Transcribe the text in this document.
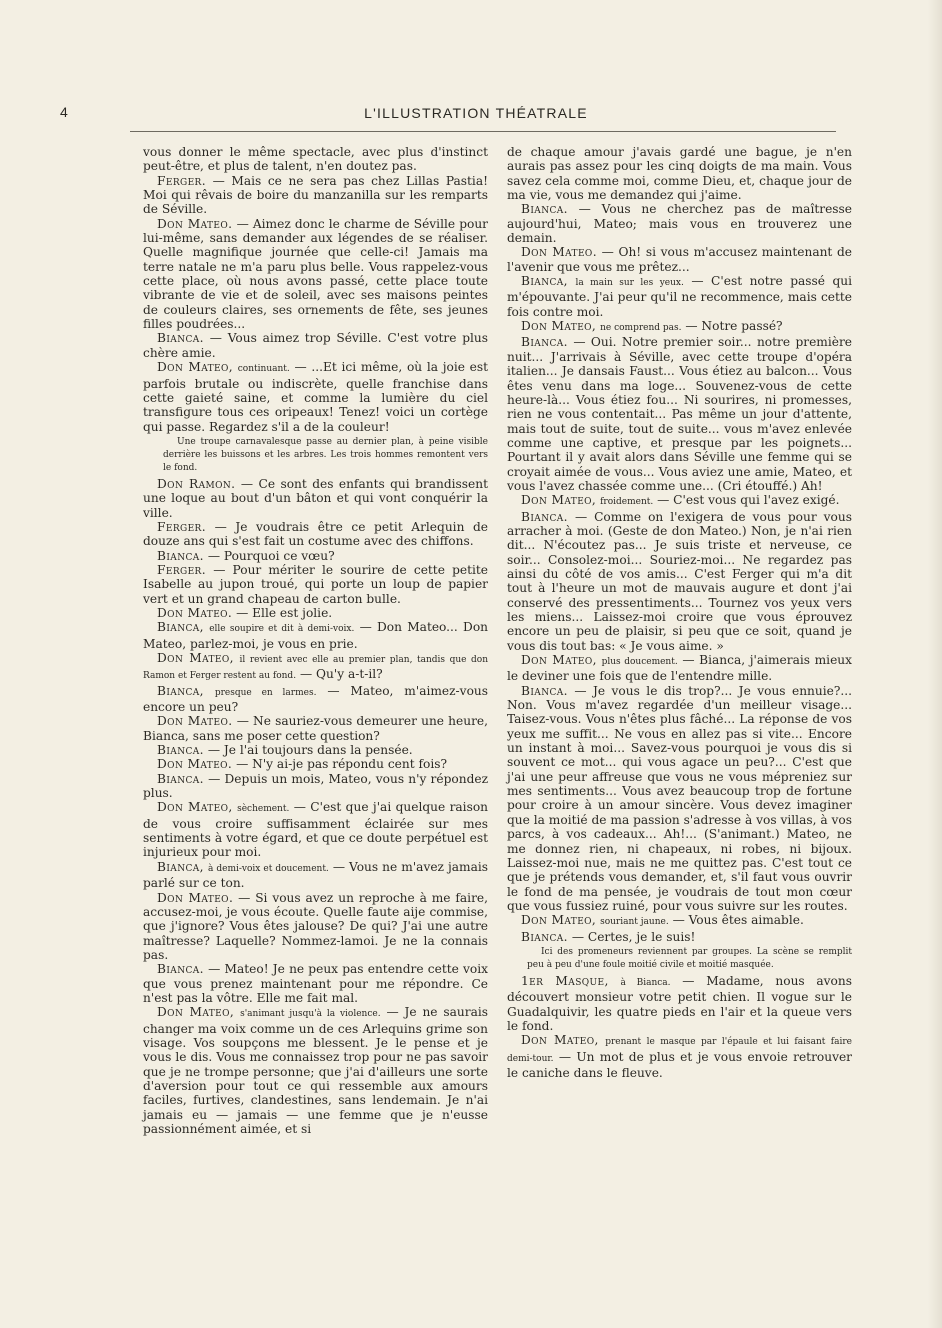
4	L'ILLUSTRATION THÉATRALE

vous donner le même spectacle, avec plus d'instinct peut-être, et plus de talent, n'en doutez pas.

Ferger. — Mais ce ne sera pas chez Lillas Pastia! Moi qui rêvais de boire du manzanilla sur les remparts de Séville.

Don Mateo. — Aimez donc le charme de Séville pour lui-même, sans demander aux légendes de se réaliser. Quelle magnifique journée que celle-ci! Jamais ma terre natale ne m'a paru plus belle. Vous rappelez-vous cette place, où nous avons passé, cette place toute vibrante de vie et de soleil, avec ses maisons peintes de couleurs claires, ses ornements de fête, ses jeunes filles poudrées...

Bianca. — Vous aimez trop Séville. C'est votre plus chère amie.

Don Mateo, continuant. — ...Et ici même, où la joie est parfois brutale ou indiscrète, quelle franchise dans cette gaieté saine, et comme la lumière du ciel transfigure tous ces oripeaux! Tenez! voici un cortège qui passe. Regardez s'il a de la couleur!

Une troupe carnavalesque passe au dernier plan, à peine visible derrière les buissons et les arbres. Les trois hommes remontent vers le fond.

Don Ramon. — Ce sont des enfants qui brandissent une loque au bout d'un bâton et qui vont conquérir la ville.

Ferger. — Je voudrais être ce petit Arlequin de douze ans qui s'est fait un costume avec des chiffons.

Bianca. — Pourquoi ce vœu?

Ferger. — Pour mériter le sourire de cette petite Isabelle au jupon troué, qui porte un loup de papier vert et un grand chapeau de carton bulle.

Don Mateo. — Elle est jolie.

Bianca, elle soupire et dit à demi-voix. — Don Mateo... Don Mateo, parlez-moi, je vous en prie.

Don Mateo, il revient avec elle au premier plan, tandis que don Ramon et Ferger restent au fond. — Qu'y a-t-il?

Bianca, presque en larmes. — Mateo, m'aimez-vous encore un peu?

Don Mateo. — Ne sauriez-vous demeurer une heure, Bianca, sans me poser cette question?

Bianca. — Je l'ai toujours dans la pensée.

Don Mateo. — N'y ai-je pas répondu cent fois?

Bianca. — Depuis un mois, Mateo, vous n'y répondez plus.

Don Mateo, sèchement. — C'est que j'ai quelque raison de vous croire suffisamment éclairée sur mes sentiments à votre égard, et que ce doute perpétuel est injurieux pour moi.

Bianca, à demi-voix et doucement. — Vous ne m'avez jamais parlé sur ce ton.

Don Mateo. — Si vous avez un reproche à me faire, accusez-moi, je vous écoute. Quelle faute aije commise, que j'ignore? Vous êtes jalouse? De qui? J'ai une autre maîtresse? Laquelle? Nommez-lamoi. Je ne la connais pas.

Bianca. — Mateo! Je ne peux pas entendre cette voix que vous prenez maintenant pour me répondre. Ce n'est pas la vôtre. Elle me fait mal.

Don Mateo, s'animant jusqu'à la violence. — Je ne saurais changer ma voix comme un de ces Arlequins grime son visage. Vos soupçons me blessent. Je le pense et je vous le dis. Vous me connaissez trop pour ne pas savoir que je ne trompe personne; que j'ai d'ailleurs une sorte d'aversion pour tout ce qui ressemble aux amours faciles, furtives, clandestines, sans lendemain. Je n'ai jamais eu — jamais — une femme que je n'eusse passionnément aimée, et si

de chaque amour j'avais gardé une bague, je n'en aurais pas assez pour les cinq doigts de ma main. Vous savez cela comme moi, comme Dieu, et, chaque jour de ma vie, vous me demandez qui j'aime.

Bianca. — Vous ne cherchez pas de maîtresse aujourd'hui, Mateo; mais vous en trouverez une demain.

Don Mateo. — Oh! si vous m'accusez maintenant de l'avenir que vous me prêtez...

Bianca, la main sur les yeux. — C'est notre passé qui m'épouvante. J'ai peur qu'il ne recommence, mais cette fois contre moi.

Don Mateo, ne comprend pas. — Notre passé?

Bianca. — Oui. Notre premier soir... notre première nuit... J'arrivais à Séville, avec cette troupe d'opéra italien... Je dansais Faust... Vous étiez au balcon... Vous êtes venu dans ma loge... Souvenez-vous de cette heure-là... Vous étiez fou... Ni sourires, ni promesses, rien ne vous contentait... Pas même un jour d'attente, mais tout de suite, tout de suite... vous m'avez enlevée comme une captive, et presque par les poignets... Pourtant il y avait alors dans Séville une femme qui se croyait aimée de vous... Vous aviez une amie, Mateo, et vous l'avez chassée comme une... (Cri étouffé.) Ah!

Don Mateo, froidement. — C'est vous qui l'avez exigé.

Bianca. — Comme on l'exigera de vous pour vous arracher à moi. (Geste de don Mateo.) Non, je n'ai rien dit... N'écoutez pas... Je suis triste et nerveuse, ce soir... Consolez-moi... Souriez-moi... Ne regardez pas ainsi du côté de vos amis... C'est Ferger qui m'a dit tout à l'heure un mot de mauvais augure et dont j'ai conservé des pressentiments... Tournez vos yeux vers les miens... Laissez-moi croire que vous éprouvez encore un peu de plaisir, si peu que ce soit, quand je vous dis tout bas: « Je vous aime. »

Don Mateo, plus doucement. — Bianca, j'aimerais mieux le deviner une fois que de l'entendre mille.

Bianca. — Je vous le dis trop?... Je vous ennuie?... Non. Vous m'avez regardée d'un meilleur visage... Taisez-vous. Vous n'êtes plus fâché... La réponse de vos yeux me suffit... Ne vous en allez pas si vite... Encore un instant à moi... Savez-vous pourquoi je vous dis si souvent ce mot... qui vous agace un peu?... C'est que j'ai une peur affreuse que vous ne vous mépreniez sur mes sentiments... Vous avez beaucoup trop de fortune pour croire à un amour sincère. Vous devez imaginer que la moitié de ma passion s'adresse à vos villas, à vos parcs, à vos cadeaux... Ah!... (S'animant.) Mateo, ne me donnez rien, ni chapeaux, ni robes, ni bijoux. Laissez-moi nue, mais ne me quittez pas. C'est tout ce que je prétends vous demander, et, s'il faut vous ouvrir le fond de ma pensée, je voudrais de tout mon cœur que vous fussiez ruiné, pour vous suivre sur les routes.

Don Mateo, souriant jaune. — Vous êtes aimable.

Bianca. — Certes, je le suis!

Ici des promeneurs reviennent par groupes. La scène se remplit peu à peu d'une foule moitié civile et moitié masquée.

1er Masque, à Bianca. — Madame, nous avons découvert monsieur votre petit chien. Il vogue sur le Guadalquivir, les quatre pieds en l'air et la queue vers le fond.

Don Mateo, prenant le masque par l'épaule et lui faisant faire demi-tour. — Un mot de plus et je vous envoie retrouver le caniche dans le fleuve.
